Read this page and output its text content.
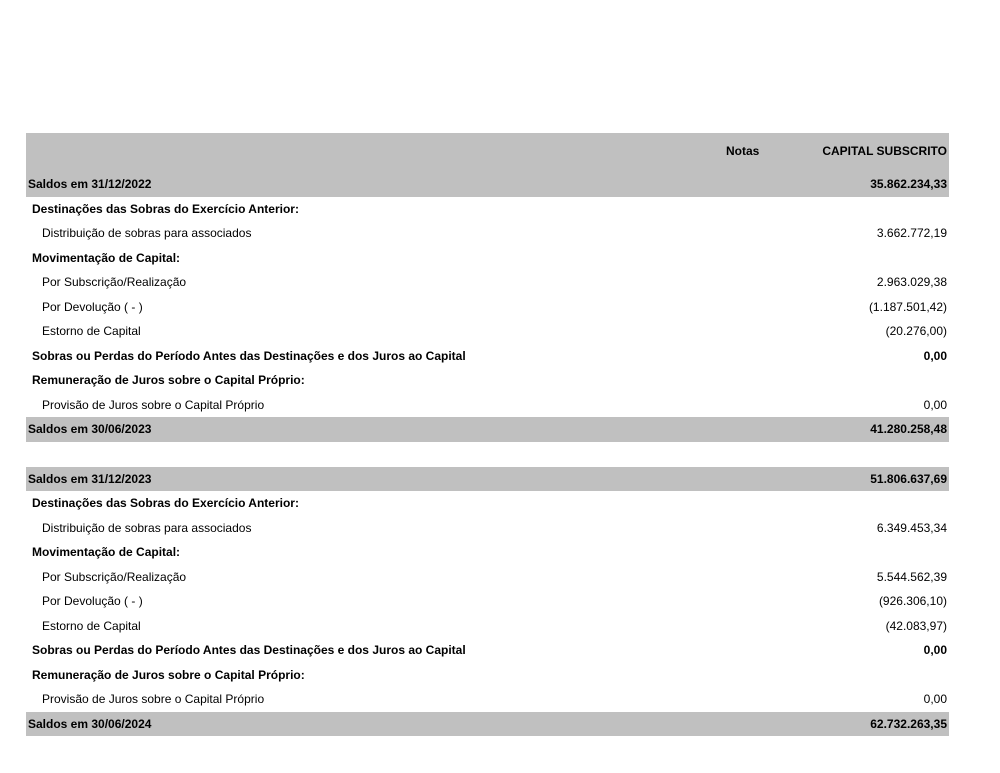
Notas	CAPITAL SUBSCRITO
Saldos em 31/12/2022	35.862.234,33
Destinações das Sobras do Exercício Anterior:
Distribuição de sobras para associados	3.662.772,19
Movimentação de Capital:
Por Subscrição/Realização	2.963.029,38
Por Devolução ( - )	(1.187.501,42)
Estorno de Capital	(20.276,00)
Sobras ou Perdas do Período Antes das Destinações e dos Juros ao Capital	0,00
Remuneração de Juros sobre o Capital Próprio:
Provisão de Juros sobre o Capital Próprio	0,00
Saldos em 30/06/2023	41.280.258,48
Saldos em 31/12/2023	51.806.637,69
Destinações das Sobras do Exercício Anterior:
Distribuição de sobras para associados	6.349.453,34
Movimentação de Capital:
Por Subscrição/Realização	5.544.562,39
Por Devolução ( - )	(926.306,10)
Estorno de Capital	(42.083,97)
Sobras ou Perdas do Período Antes das Destinações e dos Juros ao Capital	0,00
Remuneração de Juros sobre o Capital Próprio:
Provisão de Juros sobre o Capital Próprio	0,00
Saldos em 30/06/2024	62.732.263,35
